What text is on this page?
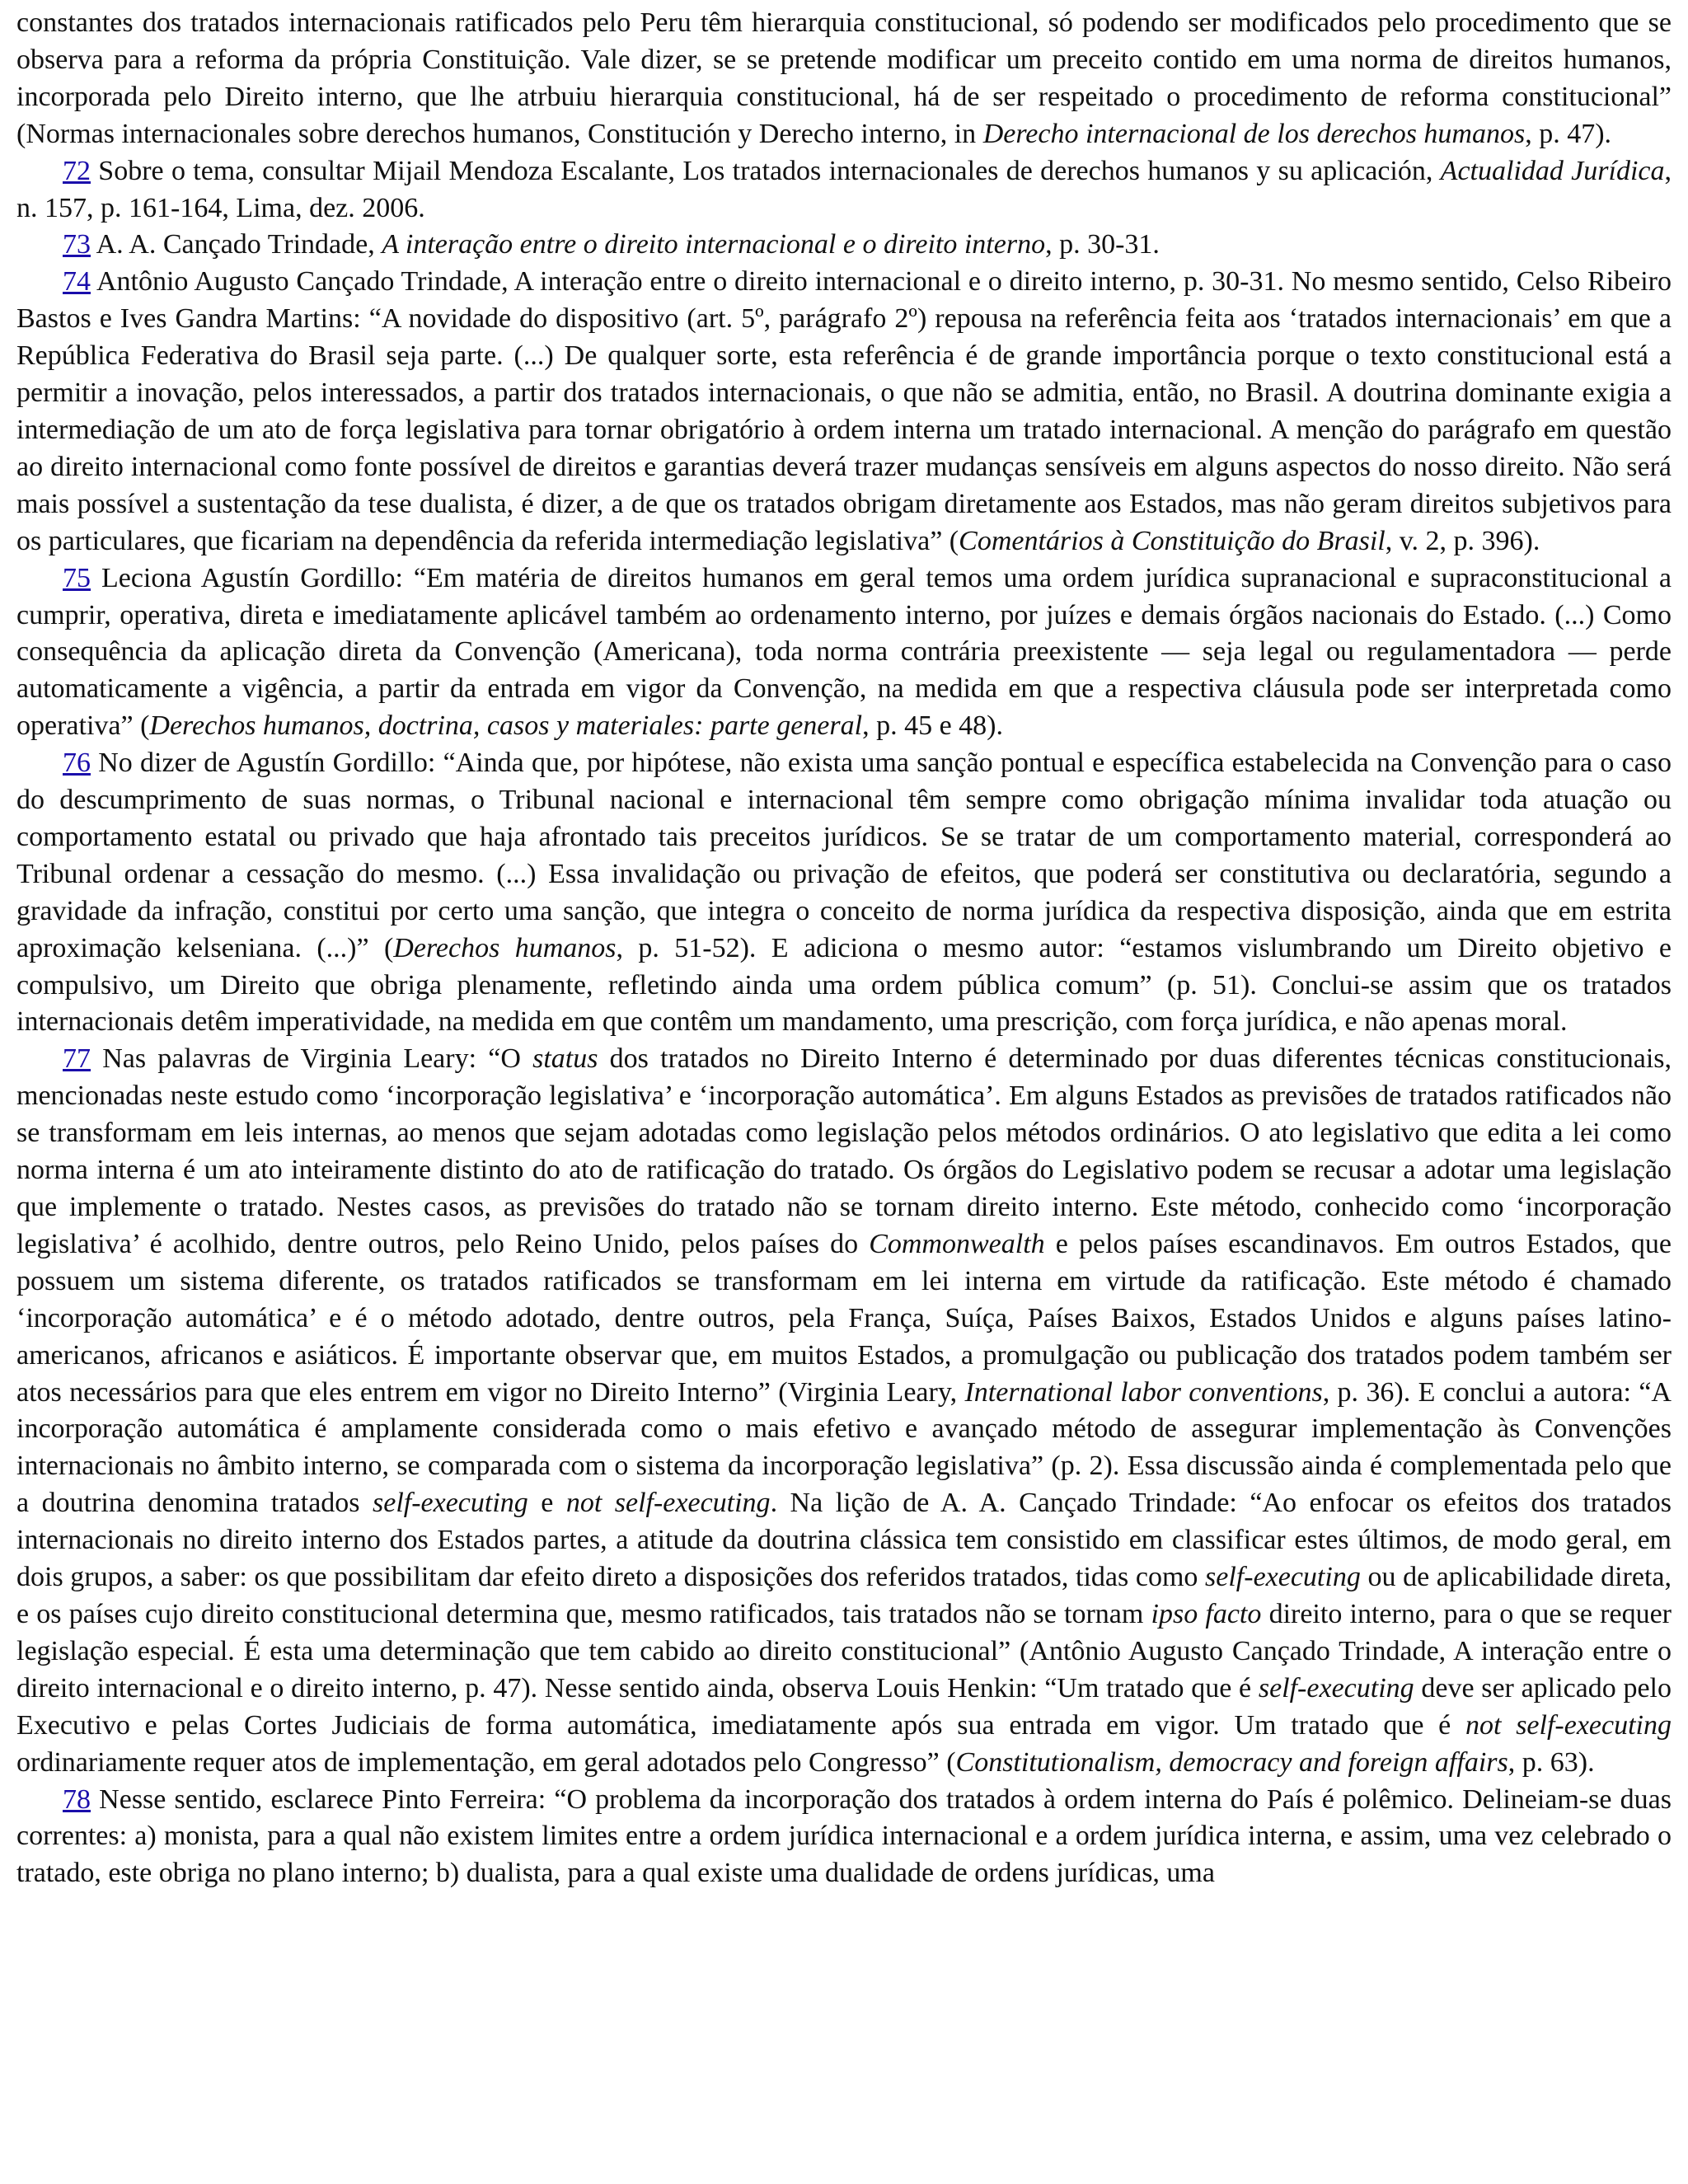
constantes dos tratados internacionais ratificados pelo Peru têm hierarquia constitucional, só podendo ser modificados pelo procedimento que se observa para a reforma da própria Constituição. Vale dizer, se se pretende modificar um preceito contido em uma norma de direitos humanos, incorporada pelo Direito interno, que lhe atrbuiu hierarquia constitucional, há de ser respeitado o procedimento de reforma constitucional” (Normas internacionales sobre derechos humanos, Constitución y Derecho interno, in Derecho internacional de los derechos humanos, p. 47).

72 Sobre o tema, consultar Mijail Mendoza Escalante, Los tratados internacionales de derechos humanos y su aplicación, Actualidad Jurídica, n. 157, p. 161-164, Lima, dez. 2006.

73 A. A. Cançado Trindade, A interação entre o direito internacional e o direito interno, p. 30-31.

74 Antônio Augusto Cançado Trindade, A interação entre o direito internacional e o direito interno, p. 30-31. No mesmo sentido, Celso Ribeiro Bastos e Ives Gandra Martins: “A novidade do dispositivo (art. 5º, parágrafo 2º) repousa na referência feita aos ‘tratados internacionais’ em que a República Federativa do Brasil seja parte. (...) De qualquer sorte, esta referência é de grande importância porque o texto constitucional está a permitir a inovação, pelos interessados, a partir dos tratados internacionais, o que não se admitia, então, no Brasil. A doutrina dominante exigia a intermediação de um ato de força legislativa para tornar obrigatório à ordem interna um tratado internacional. A menção do parágrafo em questão ao direito internacional como fonte possível de direitos e garantias deverá trazer mudanças sensíveis em alguns aspectos do nosso direito. Não será mais possível a sustentação da tese dualista, é dizer, a de que os tratados obrigam diretamente aos Estados, mas não geram direitos subjetivos para os particulares, que ficariam na dependência da referida intermediação legislativa” (Comentários à Constituição do Brasil, v. 2, p. 396).

75 Leciona Agustín Gordillo: “Em matéria de direitos humanos em geral temos uma ordem jurídica supranacional e supraconstitucional a cumprir, operativa, direta e imediatamente aplicável também ao ordenamento interno, por juízes e demais órgãos nacionais do Estado. (...) Como consequência da aplicação direta da Convenção (Americana), toda norma contrária preexistente — seja legal ou regulamentadora — perde automaticamente a vigência, a partir da entrada em vigor da Convenção, na medida em que a respectiva cláusula pode ser interpretada como operativa” (Derechos humanos, doctrina, casos y materiales: parte general, p. 45 e 48).

76 No dizer de Agustín Gordillo: “Ainda que, por hipótese, não exista uma sanção pontual e específica estabelecida na Convenção para o caso do descumprimento de suas normas, o Tribunal nacional e internacional têm sempre como obrigação mínima invalidar toda atuação ou comportamento estatal ou privado que haja afrontado tais preceitos jurídicos. Se se tratar de um comportamento material, corresponderá ao Tribunal ordenar a cessação do mesmo. (...) Essa invalidação ou privação de efeitos, que poderá ser constitutiva ou declaratória, segundo a gravidade da infração, constitui por certo uma sanção, que integra o conceito de norma jurídica da respectiva disposição, ainda que em estrita aproximação kelseniana. (...)” (Derechos humanos, p. 51-52). E adiciona o mesmo autor: “estamos vislumbrando um Direito objetivo e compulsivo, um Direito que obriga plenamente, refletindo ainda uma ordem pública comum” (p. 51). Conclui-se assim que os tratados internacionais detêm imperatividade, na medida em que contêm um mandamento, uma prescrição, com força jurídica, e não apenas moral.

77 Nas palavras de Virginia Leary: “O status dos tratados no Direito Interno é determinado por duas diferentes técnicas constitucionais, mencionadas neste estudo como ‘incorporação legislativa’ e ‘incorporação automática’. Em alguns Estados as previsões de tratados ratificados não se transformam em leis internas, ao menos que sejam adotadas como legislação pelos métodos ordinários. O ato legislativo que edita a lei como norma interna é um ato inteiramente distinto do ato de ratificação do tratado. Os órgãos do Legislativo podem se recusar a adotar uma legislação que implemente o tratado. Nestes casos, as previsões do tratado não se tornam direito interno. Este método, conhecido como ‘incorporação legislativa’ é acolhido, dentre outros, pelo Reino Unido, pelos países do Commonwealth e pelos países escandinavos. Em outros Estados, que possuem um sistema diferente, os tratados ratificados se transformam em lei interna em virtude da ratificação. Este método é chamado ‘incorporação automática’ e é o método adotado, dentre outros, pela França, Suíça, Países Baixos, Estados Unidos e alguns países latino-americanos, africanos e asiáticos. É importante observar que, em muitos Estados, a promulgação ou publicação dos tratados podem também ser atos necessários para que eles entrem em vigor no Direito Interno” (Virginia Leary, International labor conventions, p. 36). E conclui a autora: “A incorporação automática é amplamente considerada como o mais efetivo e avançado método de assegurar implementação às Convenções internacionais no âmbito interno, se comparada com o sistema da incorporação legislativa” (p. 2). Essa discussão ainda é complementada pelo que a doutrina denomina tratados self-executing e not self-executing. Na lição de A. A. Cançado Trindade: “Ao enfocar os efeitos dos tratados internacionais no direito interno dos Estados partes, a atitude da doutrina clássica tem consistido em classificar estes últimos, de modo geral, em dois grupos, a saber: os que possibilitam dar efeito direto a disposições dos referidos tratados, tidas como self-executing ou de aplicabilidade direta, e os países cujo direito constitucional determina que, mesmo ratificados, tais tratados não se tornam ipso facto direito interno, para o que se requer legislação especial. É esta uma determinação que tem cabido ao direito constitucional” (Antônio Augusto Cançado Trindade, A interação entre o direito internacional e o direito interno, p. 47). Nesse sentido ainda, observa Louis Henkin: “Um tratado que é self-executing deve ser aplicado pelo Executivo e pelas Cortes Judiciais de forma automática, imediatamente após sua entrada em vigor. Um tratado que é not self-executing ordinariamente requer atos de implementação, em geral adotados pelo Congresso” (Constitutionalism, democracy and foreign affairs, p. 63).

78 Nesse sentido, esclarece Pinto Ferreira: “O problema da incorporação dos tratados à ordem interna do País é polêmico. Delineiam-se duas correntes: a) monista, para a qual não existem limites entre a ordem jurídica internacional e a ordem jurídica interna, e assim, uma vez celebrado o tratado, este obriga no plano interno; b) dualista, para a qual existe uma dualidade de ordens jurídicas, uma
